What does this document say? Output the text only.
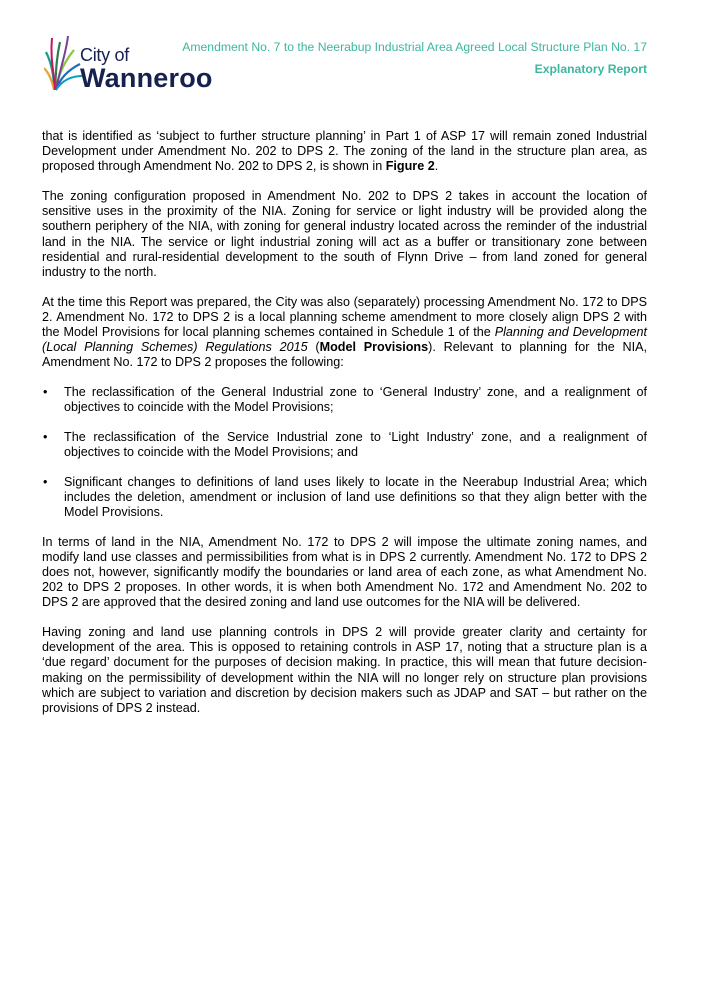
City of
Wanneroo
Amendment No. 7 to the Neerabup Industrial Area Agreed Local Structure Plan No. 17
Explanatory Report

that is identified as ‘subject to further structure planning’ in Part 1 of ASP 17 will remain zoned Industrial Development under Amendment No. 202 to DPS 2. The zoning of the land in the structure plan area, as proposed through Amendment No. 202 to DPS 2, is shown in Figure 2.

The zoning configuration proposed in Amendment No. 202 to DPS 2 takes in account the location of sensitive uses in the proximity of the NIA. Zoning for service or light industry will be provided along the southern periphery of the NIA, with zoning for general industry located across the reminder of the industrial land in the NIA. The service or light industrial zoning will act as a buffer or transitionary zone between residential and rural-residential development to the south of Flynn Drive – from land zoned for general industry to the north.

At the time this Report was prepared, the City was also (separately) processing Amendment No. 172 to DPS 2. Amendment No. 172 to DPS 2 is a local planning scheme amendment to more closely align DPS 2 with the Model Provisions for local planning schemes contained in Schedule 1 of the Planning and Development (Local Planning Schemes) Regulations 2015 (Model Provisions). Relevant to planning for the NIA, Amendment No. 172 to DPS 2 proposes the following:

• The reclassification of the General Industrial zone to ‘General Industry’ zone, and a realignment of objectives to coincide with the Model Provisions;
• The reclassification of the Service Industrial zone to ‘Light Industry’ zone, and a realignment of objectives to coincide with the Model Provisions; and
• Significant changes to definitions of land uses likely to locate in the Neerabup Industrial Area; which includes the deletion, amendment or inclusion of land use definitions so that they align better with the Model Provisions.

In terms of land in the NIA, Amendment No. 172 to DPS 2 will impose the ultimate zoning names, and modify land use classes and permissibilities from what is in DPS 2 currently. Amendment No. 172 to DPS 2 does not, however, significantly modify the boundaries or land area of each zone, as what Amendment No. 202 to DPS 2 proposes. In other words, it is when both Amendment No. 172 and Amendment No. 202 to DPS 2 are approved that the desired zoning and land use outcomes for the NIA will be delivered.

Having zoning and land use planning controls in DPS 2 will provide greater clarity and certainty for development of the area. This is opposed to retaining controls in ASP 17, noting that a structure plan is a ‘due regard’ document for the purposes of decision making. In practice, this will mean that future decision-making on the permissibility of development within the NIA will no longer rely on structure plan provisions which are subject to variation and discretion by decision makers such as JDAP and SAT – but rather on the provisions of DPS 2 instead.
